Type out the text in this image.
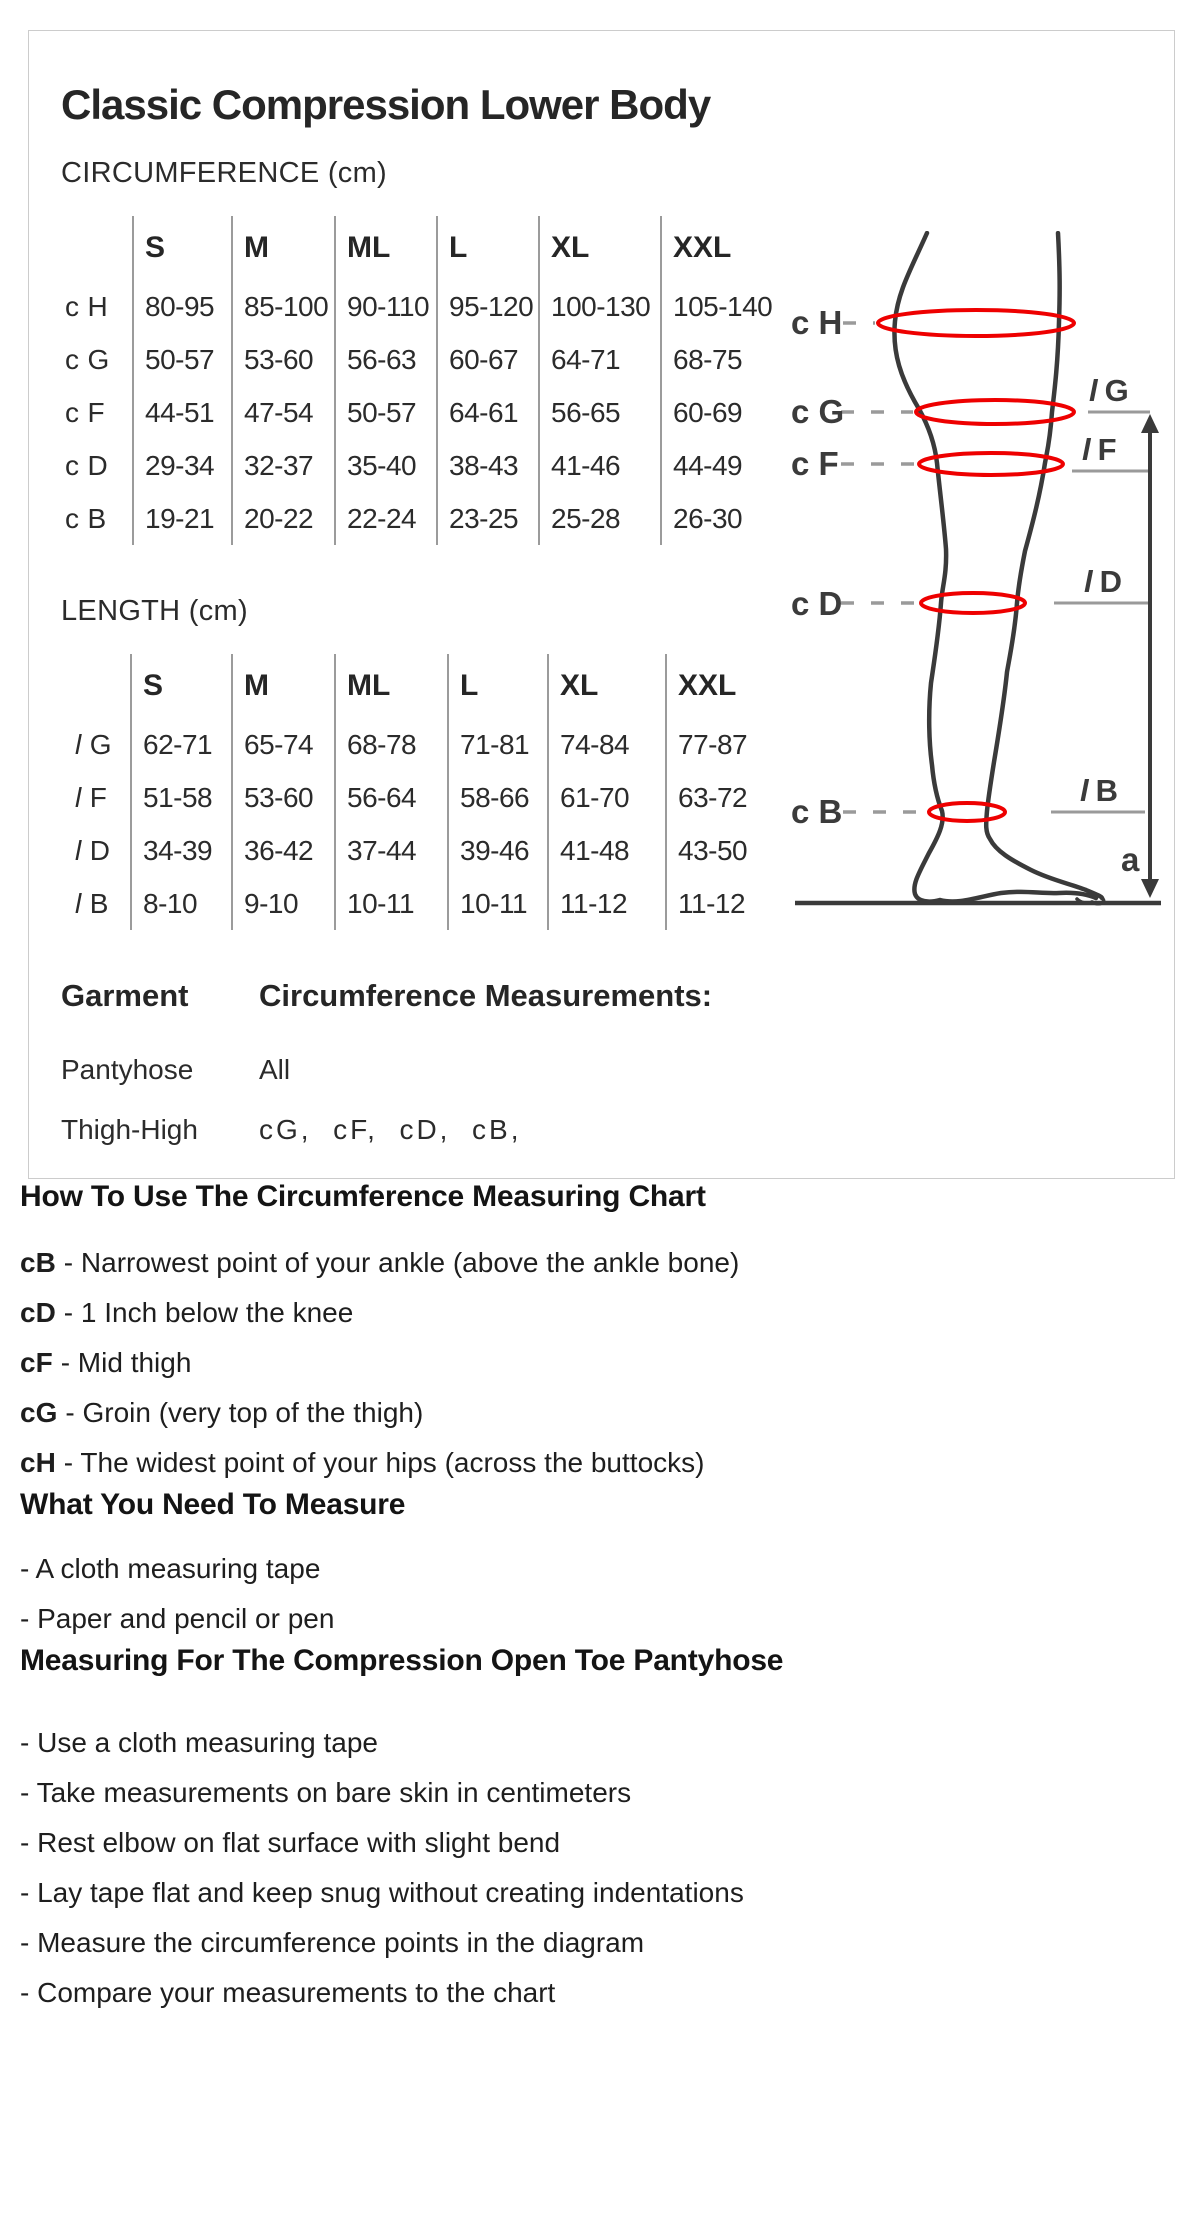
Classic Compression Lower Body
CIRCUMFERENCE (cm)
	S	M	ML	L	XL	XXL
c H	80-95	85-100	90-110	95-120	100-130	105-140
c G	50-57	53-60	56-63	60-67	64-71	68-75
c F	44-51	47-54	50-57	64-61	56-65	60-69
c D	29-34	32-37	35-40	38-43	41-46	44-49
c B	19-21	20-22	22-24	23-25	25-28	26-30
LENGTH (cm)
	S	M	ML	L	XL	XXL
l G	62-71	65-74	68-78	71-81	74-84	77-87
l F	51-58	53-60	56-64	58-66	61-70	63-72
l D	34-39	36-42	37-44	39-46	41-48	43-50
l B	8-10	9-10	10-11	10-11	11-12	11-12
Garment	Circumference Measurements:
Pantyhose	All
Thigh-High	cG,  cF,  cD,  cB,
c H
c G
c F
c D
c B
l G
l F
l D
l B
a
How To Use The Circumference Measuring Chart
cB - Narrowest point of your ankle (above the ankle bone)
cD - 1 Inch below the knee
cF - Mid thigh
cG - Groin (very top of the thigh)
cH - The widest point of your hips (across the buttocks)
What You Need To Measure
- A cloth measuring tape
- Paper and pencil or pen
Measuring For The Compression Open Toe Pantyhose
- Use a cloth measuring tape
- Take measurements on bare skin in centimeters
- Rest elbow on flat surface with slight bend
- Lay tape flat and keep snug without creating indentations
- Measure the circumference points in the diagram
- Compare your measurements to the chart
